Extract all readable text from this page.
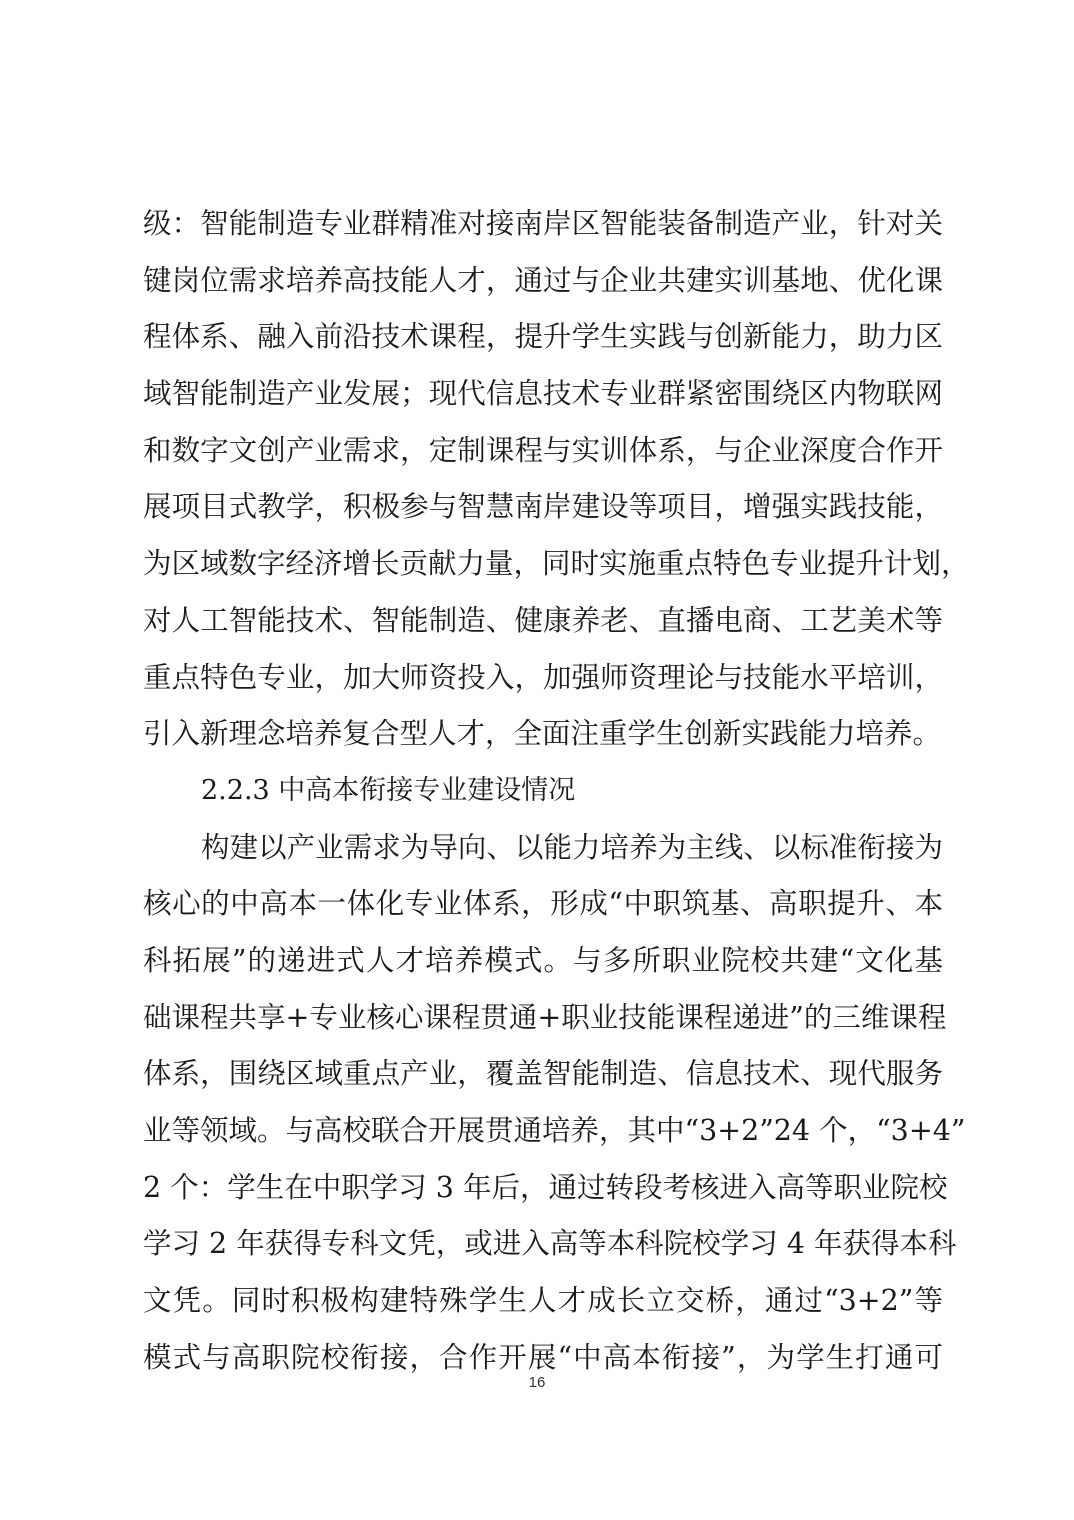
级：智能制造专业群精准对接南岸区智能装备制造产业，针对关
键岗位需求培养高技能人才，通过与企业共建实训基地、优化课
程体系、融入前沿技术课程，提升学生实践与创新能力，助力区
域智能制造产业发展；现代信息技术专业群紧密围绕区内物联网
和数字文创产业需求，定制课程与实训体系，与企业深度合作开
展项目式教学，积极参与智慧南岸建设等项目，增强实践技能，
为区域数字经济增长贡献力量，同时实施重点特色专业提升计划，
对人工智能技术、智能制造、健康养老、直播电商、工艺美术等
重点特色专业，加大师资投入，加强师资理论与技能水平培训，
引入新理念培养复合型人才，全面注重学生创新实践能力培养。
2.2.3 中高本衔接专业建设情况
构建以产业需求为导向、以能力培养为主线、以标准衔接为
核心的中高本一体化专业体系，形成“中职筑基、高职提升、本
科拓展”的递进式人才培养模式。与多所职业院校共建“文化基
础课程共享+专业核心课程贯通+职业技能课程递进”的三维课程
体系，围绕区域重点产业，覆盖智能制造、信息技术、现代服务
业等领域。与高校联合开展贯通培养，其中“3+2”24 个，“3+4”
2 个：学生在中职学习 3 年后，通过转段考核进入高等职业院校
学习 2 年获得专科文凭，或进入高等本科院校学习 4 年获得本科
文凭。同时积极构建特殊学生人才成长立交桥，通过“3+2”等
模式与高职院校衔接，合作开展“中高本衔接”，为学生打通可
16
